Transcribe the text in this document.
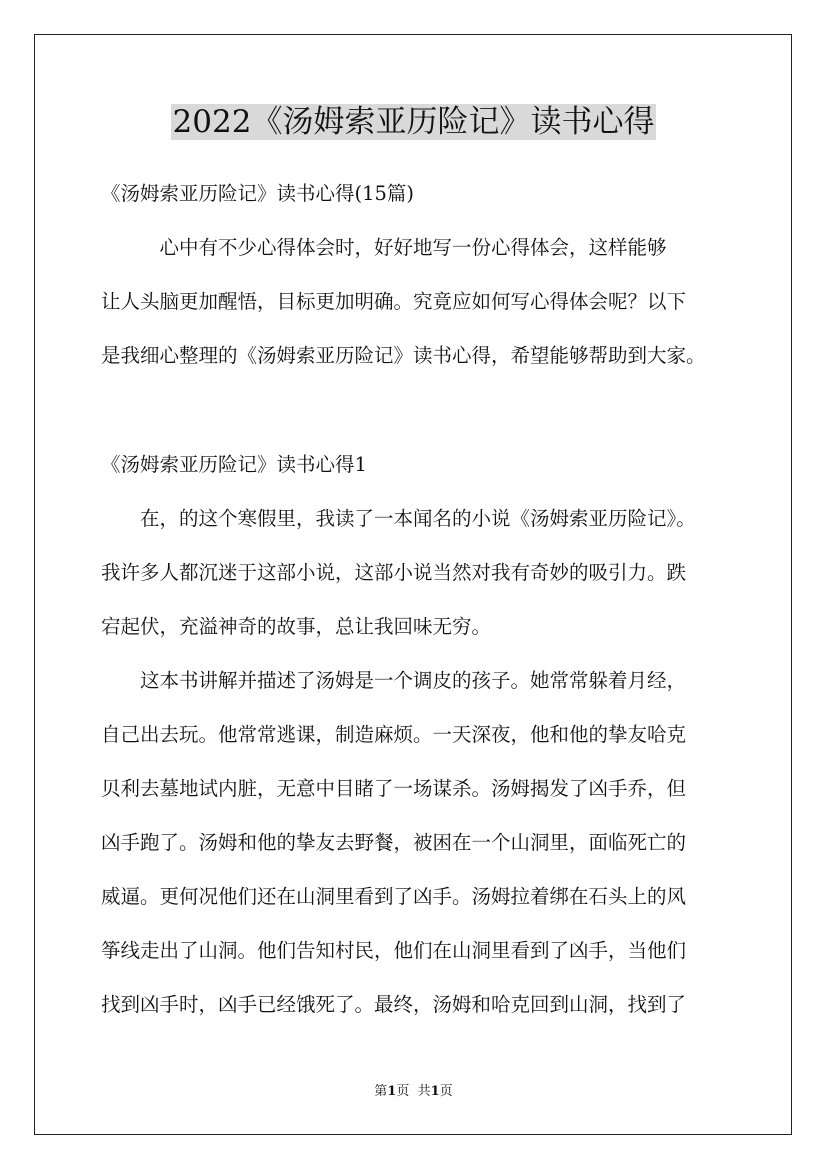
2022《汤姆索亚历险记》读书心得
《汤姆索亚历险记》读书心得(15篇)
　　　心中有不少心得体会时，好好地写一份心得体会，这样能够
让人头脑更加醒悟，目标更加明确。究竟应如何写心得体会呢？以下
是我细心整理的《汤姆索亚历险记》读书心得，希望能够帮助到大家。
《汤姆索亚历险记》读书心得1
　　在，的这个寒假里，我读了一本闻名的小说《汤姆索亚历险记》。
我许多人都沉迷于这部小说，这部小说当然对我有奇妙的吸引力。跌
宕起伏，充溢神奇的故事，总让我回味无穷。
　　这本书讲解并描述了汤姆是一个调皮的孩子。她常常躲着月经，
自己出去玩。他常常逃课，制造麻烦。一天深夜，他和他的挚友哈克
贝利去墓地试内脏，无意中目睹了一场谋杀。汤姆揭发了凶手乔，但
凶手跑了。汤姆和他的挚友去野餐，被困在一个山洞里，面临死亡的
威逼。更何况他们还在山洞里看到了凶手。汤姆拉着绑在石头上的风
筝线走出了山洞。他们告知村民，他们在山洞里看到了凶手，当他们
找到凶手时，凶手已经饿死了。最终，汤姆和哈克回到山洞，找到了
第1页 共1页
